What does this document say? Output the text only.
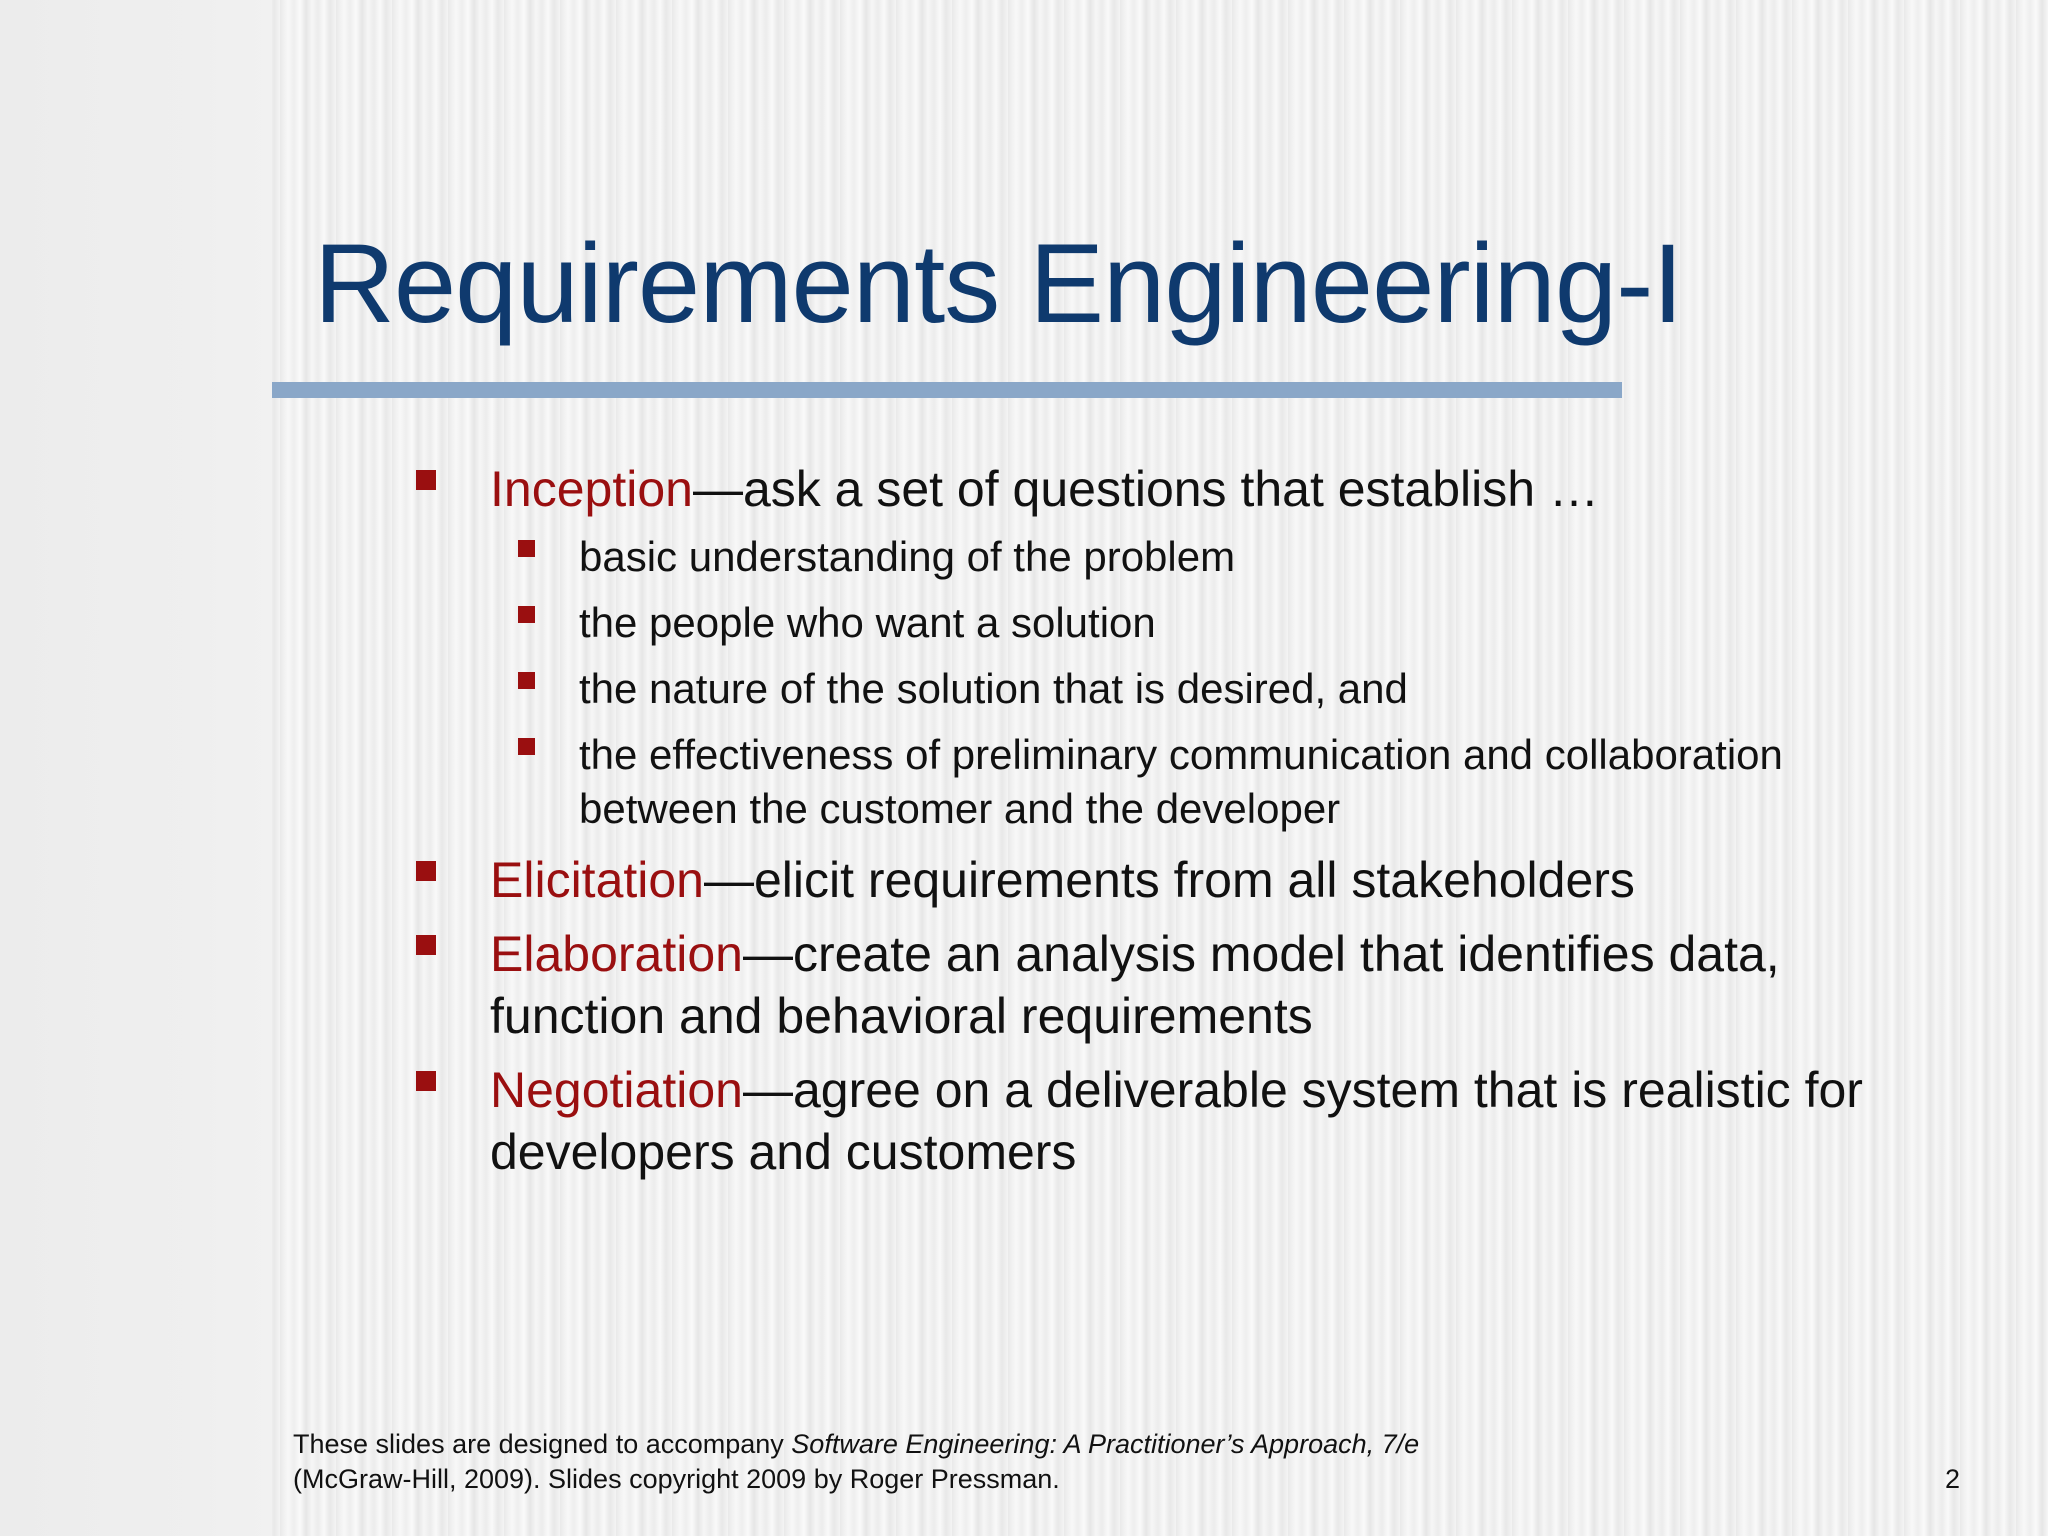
Requirements Engineering-I
Inception—ask a set of questions that establish …
basic understanding of the problem
the people who want a solution
the nature of the solution that is desired, and
the effectiveness of preliminary communication and collaboration
between the customer and the developer
Elicitation—elicit requirements from all stakeholders
Elaboration—create an analysis model that identifies data,
function and behavioral requirements
Negotiation—agree on a deliverable system that is realistic for
developers and customers
These slides are designed to accompany Software Engineering: A Practitioner’s Approach, 7/e
(McGraw-Hill, 2009). Slides copyright 2009 by Roger Pressman.	2
